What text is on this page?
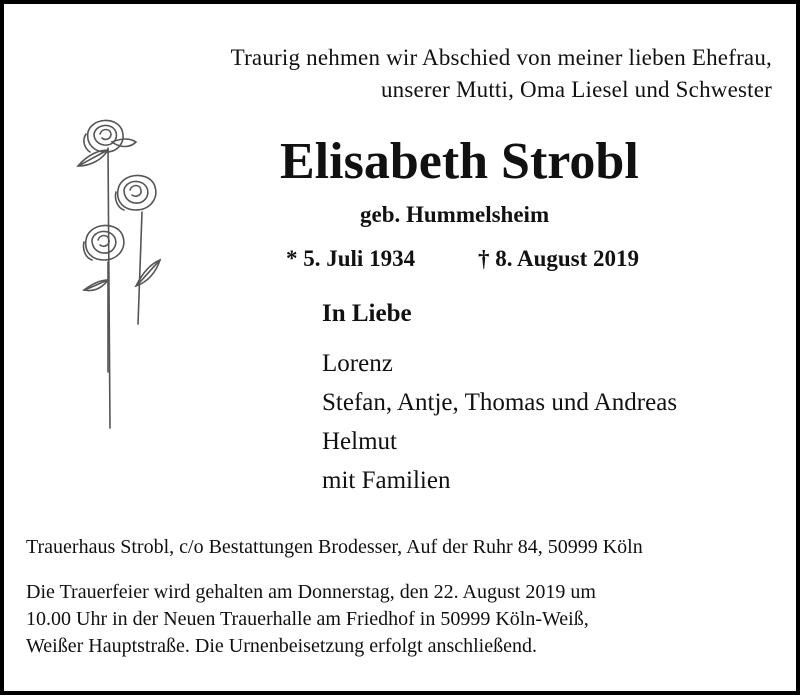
Traurig nehmen wir Abschied von meiner lieben Ehefrau,
unserer Mutti, Oma Liesel und Schwester
Elisabeth Strobl
geb. Hummelsheim
* 5. Juli 1934	† 8. August 2019
In Liebe
Lorenz
Stefan, Antje, Thomas und Andreas
Helmut
mit Familien
Trauerhaus Strobl, c/o Bestattungen Brodesser, Auf der Ruhr 84, 50999 Köln
Die Trauerfeier wird gehalten am Donnerstag, den 22. August 2019 um
10.00 Uhr in der Neuen Trauerhalle am Friedhof in 50999 Köln-Weiß,
Weißer Hauptstraße. Die Urnenbeisetzung erfolgt anschließend.
